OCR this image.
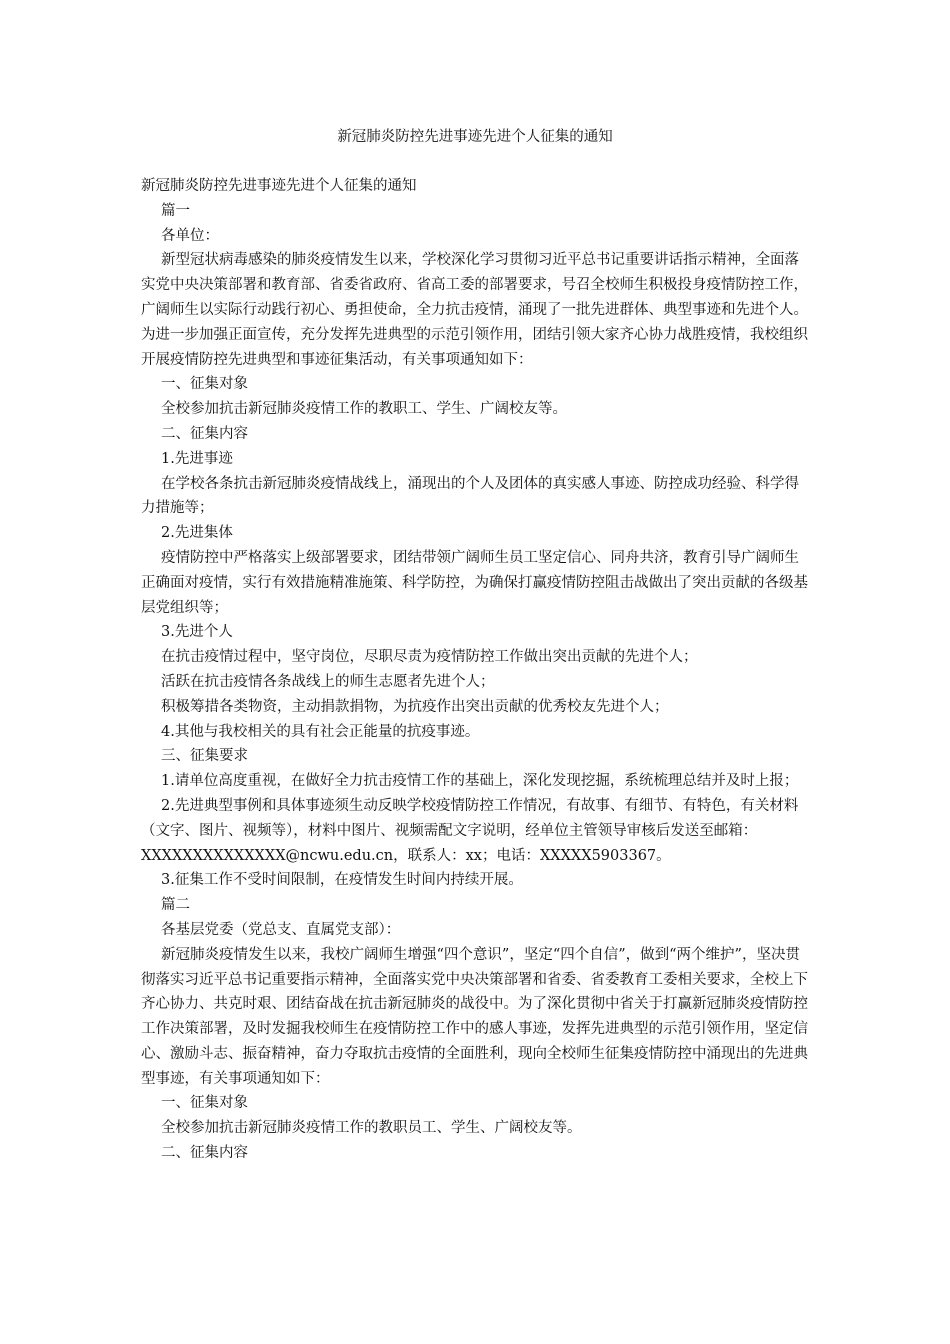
新冠肺炎防控先进事迹先进个人征集的通知

新冠肺炎防控先进事迹先进个人征集的通知

篇一

各单位：

新型冠状病毒感染的肺炎疫情发生以来，学校深化学习贯彻习近平总书记重要讲话指示精神，全面落实党中央决策部署和教育部、省委省政府、省高工委的部署要求，号召全校师生积极投身疫情防控工作，广阔师生以实际行动践行初心、勇担使命，全力抗击疫情，涌现了一批先进群体、典型事迹和先进个人。为进一步加强正面宣传，充分发挥先进典型的示范引领作用，团结引领大家齐心协力战胜疫情，我校组织开展疫情防控先进典型和事迹征集活动，有关事项通知如下：

一、征集对象

全校参加抗击新冠肺炎疫情工作的教职工、学生、广阔校友等。

二、征集内容

1.先进事迹

在学校各条抗击新冠肺炎疫情战线上，涌现出的个人及团体的真实感人事迹、防控成功经验、科学得力措施等；

2.先进集体

疫情防控中严格落实上级部署要求，团结带领广阔师生员工坚定信心、同舟共济，教育引导广阔师生正确面对疫情，实行有效措施精准施策、科学防控，为确保打赢疫情防控阻击战做出了突出贡献的各级基层党组织等；

3.先进个人

在抗击疫情过程中，坚守岗位，尽职尽责为疫情防控工作做出突出贡献的先进个人；

活跃在抗击疫情各条战线上的师生志愿者先进个人；

积极筹措各类物资，主动捐款捐物，为抗疫作出突出贡献的优秀校友先进个人；

4.其他与我校相关的具有社会正能量的抗疫事迹。

三、征集要求

1.请单位高度重视，在做好全力抗击疫情工作的基础上，深化发现挖掘，系统梳理总结并及时上报；

2.先进典型事例和具体事迹须生动反映学校疫情防控工作情况，有故事、有细节、有特色，有关材料（文字、图片、视频等），材料中图片、视频需配文字说明，经单位主管领导审核后发送至邮箱：XXXXXXXXXXXXXX@ncwu.edu.cn，联系人：xx；电话：XXXXX5903367。

3.征集工作不受时间限制，在疫情发生时间内持续开展。

篇二

各基层党委（党总支、直属党支部）：

新冠肺炎疫情发生以来，我校广阔师生增强“四个意识”，坚定“四个自信”，做到“两个维护”，坚决贯彻落实习近平总书记重要指示精神，全面落实党中央决策部署和省委、省委教育工委相关要求，全校上下齐心协力、共克时艰、团结奋战在抗击新冠肺炎的战役中。为了深化贯彻中省关于打赢新冠肺炎疫情防控工作决策部署，及时发掘我校师生在疫情防控工作中的感人事迹，发挥先进典型的示范引领作用，坚定信心、激励斗志、振奋精神，奋力夺取抗击疫情的全面胜利，现向全校师生征集疫情防控中涌现出的先进典型事迹，有关事项通知如下：

一、征集对象

全校参加抗击新冠肺炎疫情工作的教职员工、学生、广阔校友等。

二、征集内容
